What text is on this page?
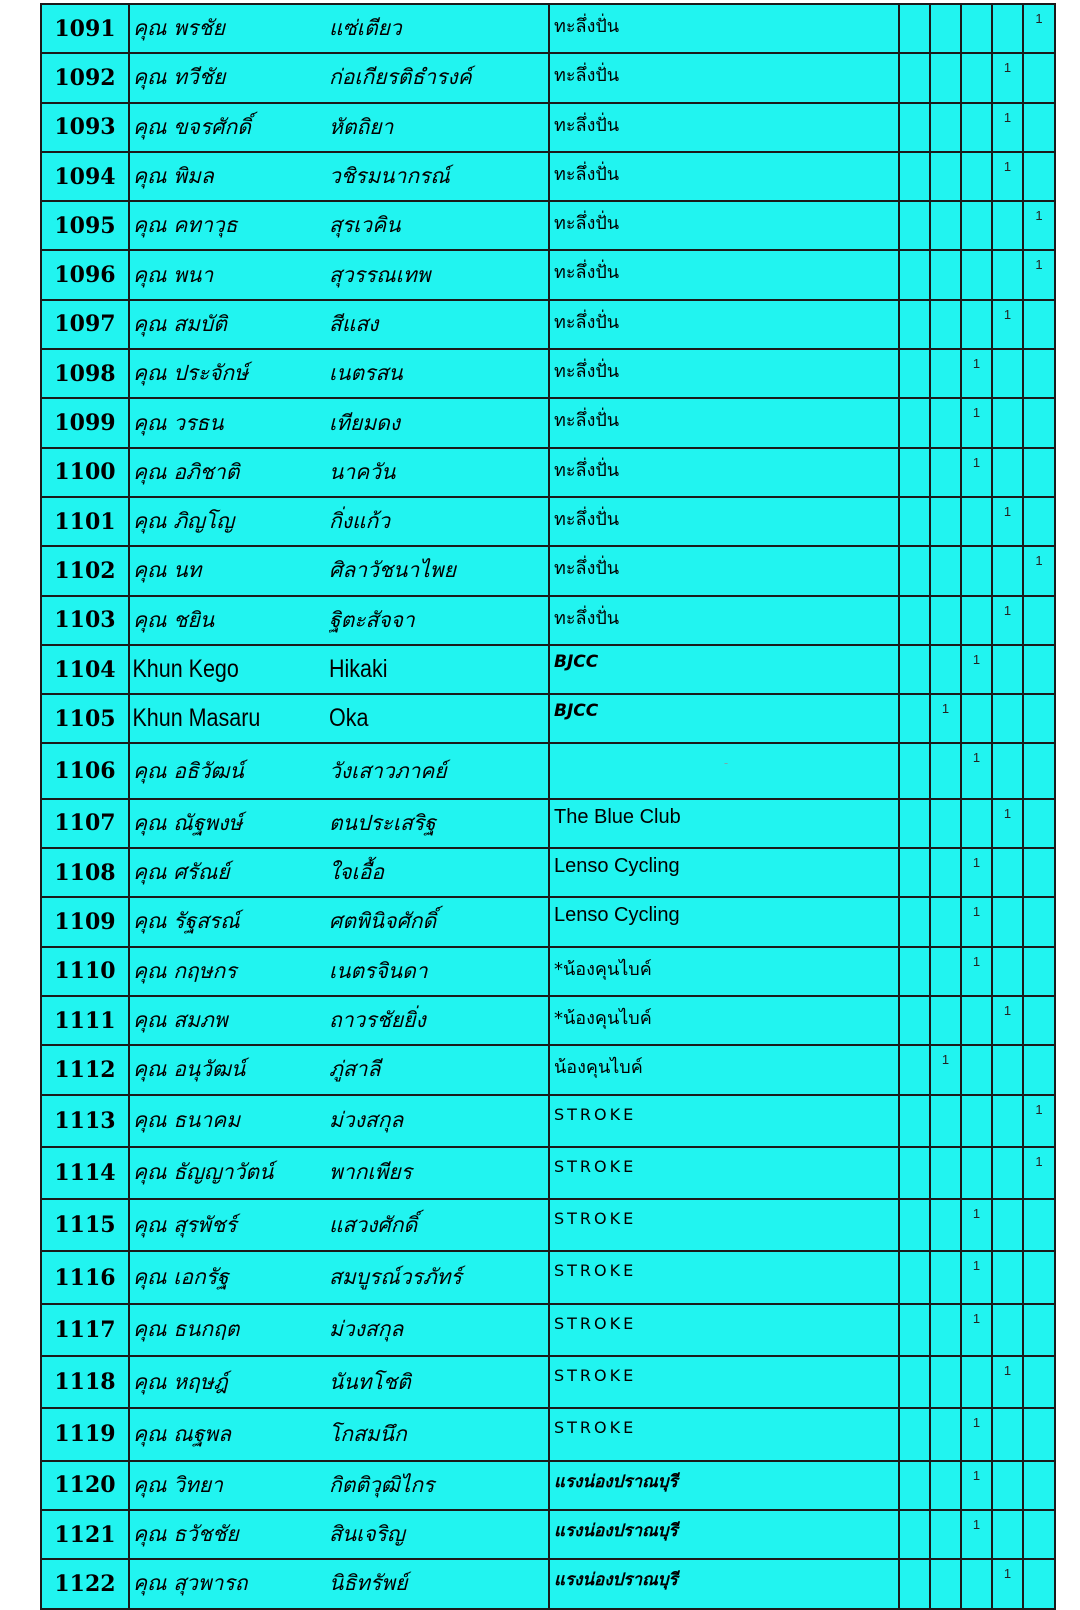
1091	คุณ พรชัย	แซ่เตียว	ทะลึ่งปั่น					1
1092	คุณ ทวีชัย	ก่อเกียรติธำรงค์	ทะลึ่งปั่น				1	
1093	คุณ ขจรศักดิ์	หัตถิยา	ทะลึ่งปั่น				1	
1094	คุณ พิมล	วชิรมนากรณ์	ทะลึ่งปั่น				1	
1095	คุณ คทาวุธ	สุรเวคิน	ทะลึ่งปั่น					1
1096	คุณ พนา	สุวรรณเทพ	ทะลึ่งปั่น					1
1097	คุณ สมบัติ	สีแสง	ทะลึ่งปั่น				1	
1098	คุณ ประจักษ์	เนตรสน	ทะลึ่งปั่น			1		
1099	คุณ วรธน	เทียมดง	ทะลึ่งปั่น			1		
1100	คุณ อภิชาติ	นาควัน	ทะลึ่งปั่น			1		
1101	คุณ ภิญโญ	กิ่งแก้ว	ทะลึ่งปั่น				1	
1102	คุณ นท	ศิลาวัชนาไพย	ทะลึ่งปั่น					1
1103	คุณ ชยิน	ฐิตะสัจจา	ทะลึ่งปั่น				1	
1104	Khun Kego	Hikaki	BJCC			1		
1105	Khun Masaru	Oka	BJCC		1			
1106	คุณ อธิวัฒน์	วังเสาวภาคย์	-			1		
1107	คุณ ณัฐพงษ์	ตนประเสริฐ	The Blue Club				1	
1108	คุณ ศรัณย์	ใจเอื้อ	Lenso Cycling			1		
1109	คุณ รัฐสรณ์	ศตพินิจศักดิ์	Lenso Cycling			1		
1110	คุณ กฤษกร	เนตรจินดา	*น้องคุนไบค์			1		
1111	คุณ สมภพ	ถาวรชัยยิ่ง	*น้องคุนไบค์				1	
1112	คุณ อนุวัฒน์	ภู่สาลี	น้องคุนไบค์		1			
1113	คุณ ธนาคม	ม่วงสกุล	STROKE					1
1114	คุณ ธัญญาวัตน์	พากเพียร	STROKE					1
1115	คุณ สุรพัชร์	แสวงศักดิ์	STROKE			1		
1116	คุณ เอกรัฐ	สมบูรณ์วรภัทร์	STROKE			1		
1117	คุณ ธนกฤต	ม่วงสกุล	STROKE			1		
1118	คุณ หฤษฎ์	นันทโชติ	STROKE				1	
1119	คุณ ณฐพล	โกสมนึก	STROKE			1		
1120	คุณ วิทยา	กิตติวุฒิไกร	แรงน่องปราณบุรี			1		
1121	คุณ ธวัชชัย	สินเจริญ	แรงน่องปราณบุรี			1		
1122	คุณ สุวพารถ	นิธิทรัพย์	แรงน่องปราณบุรี				1	
